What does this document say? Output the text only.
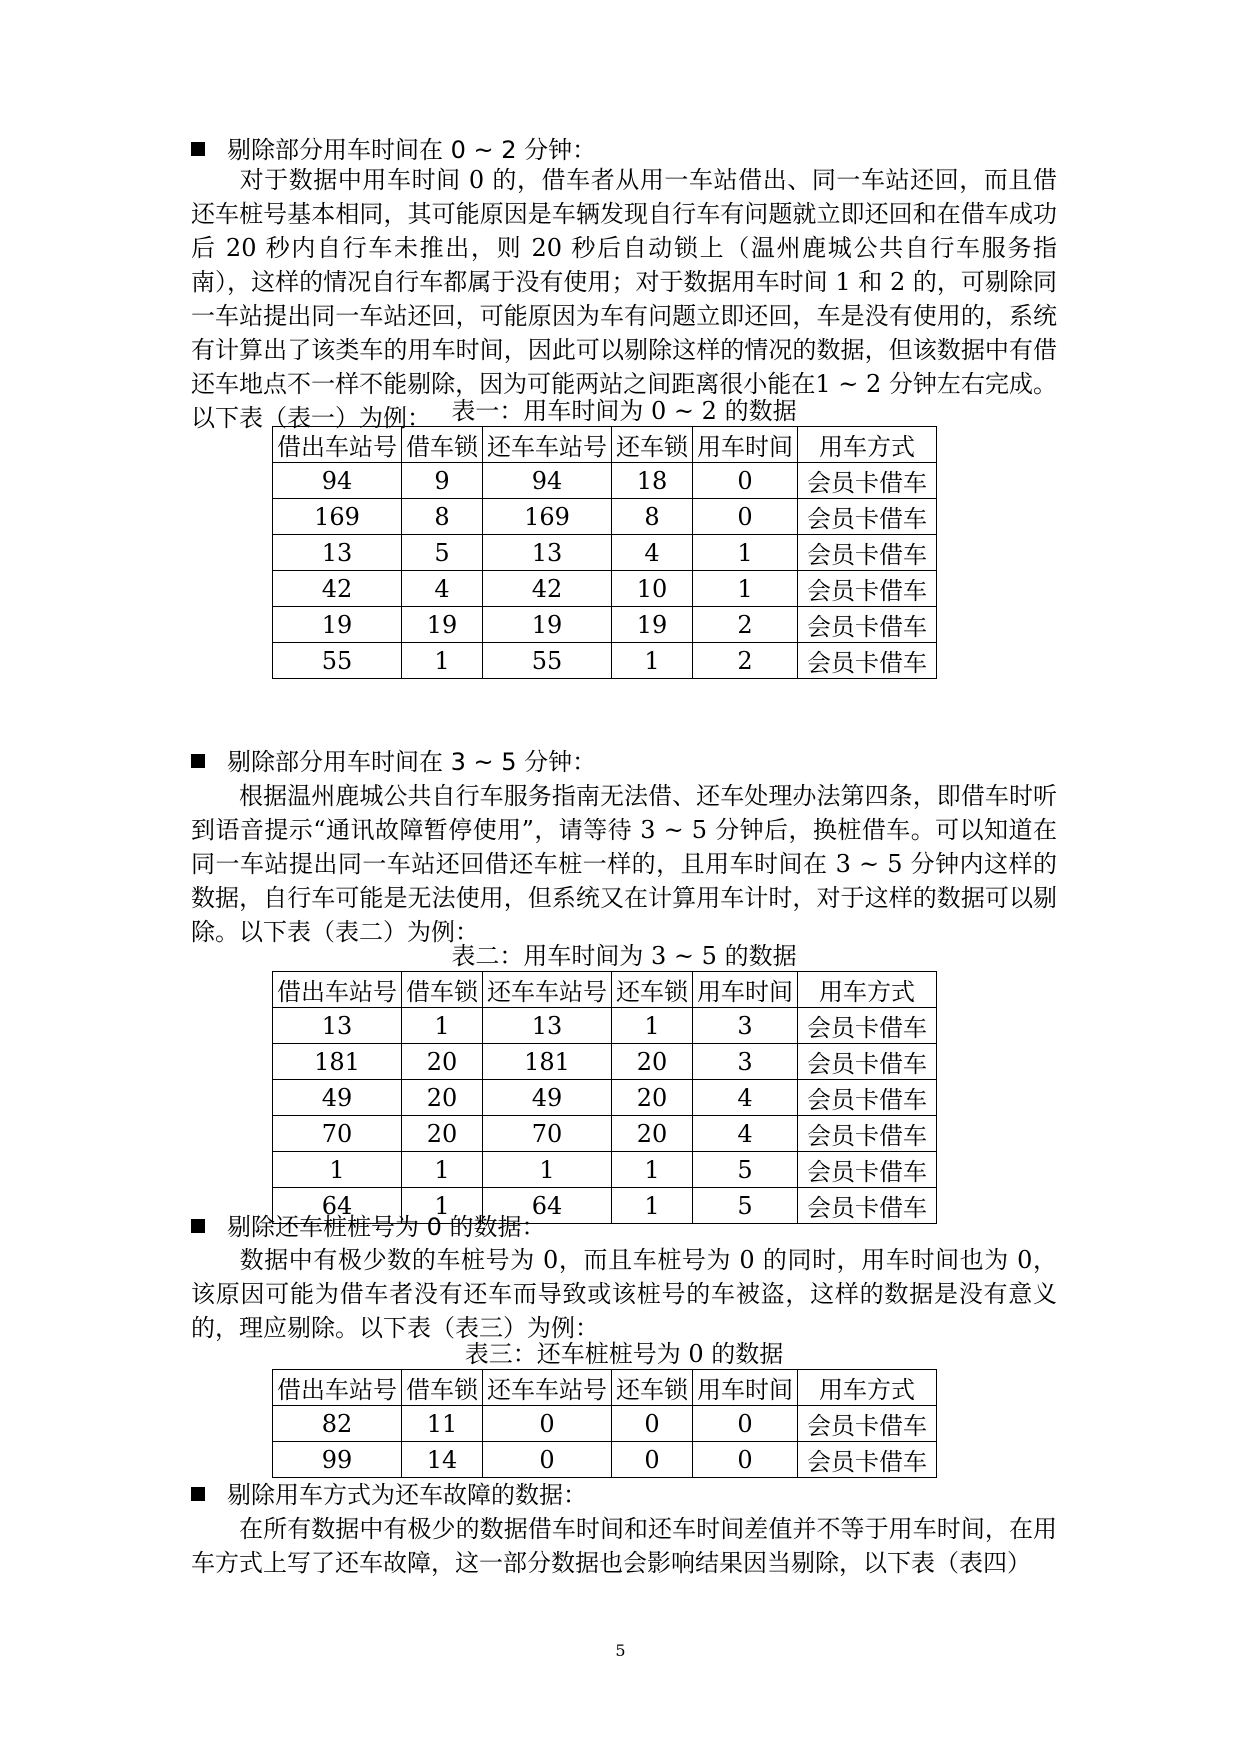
剔除部分用车时间在 0 ~ 2 分钟：

对于数据中用车时间 0 的，借车者从用一车站借出、同一车站还回，而且借还车桩号基本相同，其可能原因是车辆发现自行车有问题就立即还回和在借车成功后 20 秒内自行车未推出，则 20 秒后自动锁上（温州鹿城公共自行车服务指南），这样的情况自行车都属于没有使用；对于数据用车时间 1 和 2 的，可剔除同一车站提出同一车站还回，可能原因为车有问题立即还回，车是没有使用的，系统有计算出了该类车的用车时间，因此可以剔除这样的情况的数据，但该数据中有借还车地点不一样不能剔除，因为可能两站之间距离很小能在1 ~ 2 分钟左右完成。以下表（表一）为例： 表一：用车时间为 0 ~ 2 的数据
借出车站号	借车锁	还车车站号	还车锁	用车时间	用车方式
94	9	94	18	0	会员卡借车
169	8	169	8	0	会员卡借车
13	5	13	4	1	会员卡借车
42	4	42	10	1	会员卡借车
19	19	19	19	2	会员卡借车
55	1	55	1	2	会员卡借车
剔除部分用车时间在 3 ~ 5 分钟：

根据温州鹿城公共自行车服务指南无法借、还车处理办法第四条，即借车时听到语音提示“通讯故障暂停使用”，请等待 3 ~ 5 分钟后，换桩借车。可以知道在同一车站提出同一车站还回借还车桩一样的，且用车时间在 3 ~ 5 分钟内这样的数据，自行车可能是无法使用，但系统又在计算用车计时，对于这样的数据可以剔除。以下表（表二）为例：

表二：用车时间为 3 ~ 5 的数据
借出车站号	借车锁	还车车站号	还车锁	用车时间	用车方式
13	1	13	1	3	会员卡借车
181	20	181	20	3	会员卡借车
49	20	49	20	4	会员卡借车
70	20	70	20	4	会员卡借车
1	1	1	1	5	会员卡借车
64	1	64	1	5	会员卡借车
剔除还车桩桩号为 0 的数据：

数据中有极少数的车桩号为 0，而且车桩号为 0 的同时，用车时间也为 0，该原因可能为借车者没有还车而导致或该桩号的车被盗，这样的数据是没有意义的，理应剔除。以下表（表三）为例：

表三：还车桩桩号为 0 的数据
借出车站号	借车锁	还车车站号	还车锁	用车时间	用车方式
82	11	0	0	0	会员卡借车
99	14	0	0	0	会员卡借车
剔除用车方式为还车故障的数据：

在所有数据中有极少的数据借车时间和还车时间差值并不等于用车时间，在用车方式上写了还车故障，这一部分数据也会影响结果因当剔除，以下表（表四）

5
